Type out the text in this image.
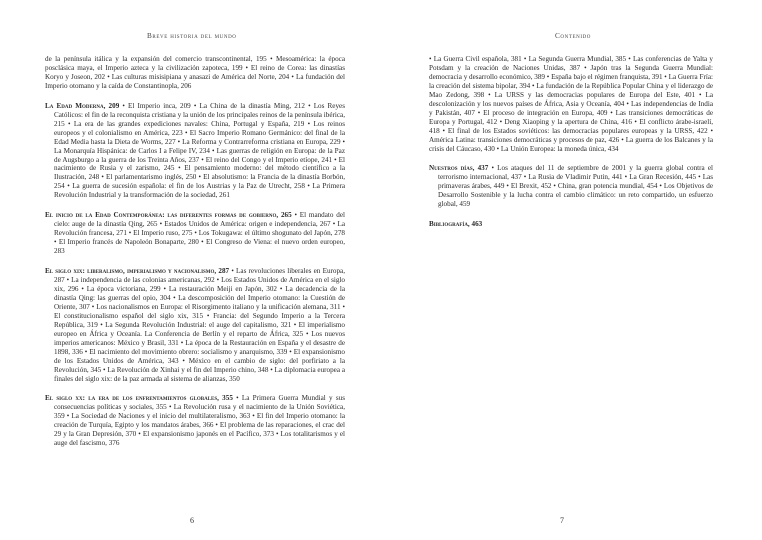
Breve historia del mundo

de la península itálica y la expansión del comercio transcontinental, 195 • Mesoamérica: la época posclásica maya, el Imperio azteca y la civilización zapoteca, 199 • El reino de Corea: las dinastías Koryo y Joseon, 202 • Las culturas misisipiana y anasazi de América del Norte, 204 • La fundación del Imperio otomano y la caída de Constantinopla, 206

La Edad Moderna, 209 • El Imperio inca, 209 • La China de la dinastía Ming, 212 • Los Reyes Católicos: el fin de la reconquista cristiana y la unión de los principales reinos de la península ibérica, 215 • La era de las grandes expediciones navales: China, Portugal y España, 219 • Los reinos europeos y el colonialismo en América, 223 • El Sacro Imperio Romano Germánico: del final de la Edad Media hasta la Dieta de Worms, 227 • La Reforma y Contrarreforma cristiana en Europa, 229 • La Monarquía Hispánica: de Carlos I a Felipe IV, 234 • Las guerras de religión en Europa: de la Paz de Augsburgo a la guerra de los Treinta Años, 237 • El reino del Congo y el Imperio etíope, 241 • El nacimiento de Rusia y el zarismo, 245 • El pensamiento moderno: del método científico a la Ilustración, 248 • El parlamentarismo inglés, 250 • El absolutismo: la Francia de la dinastía Borbón, 254 • La guerra de sucesión española: el fin de los Austrias y la Paz de Utrecht, 258 • La Primera Revolución Industrial y la transformación de la sociedad, 261

El inicio de la Edad Contemporánea: las diferentes formas de gobierno, 265 • El mandato del cielo: auge de la dinastía Qing, 265 • Estados Unidos de América: origen e independencia, 267 • La Revolución francesa, 271 • El Imperio ruso, 275 • Los Tokugawa: el último shogunato del Japón, 278 • El Imperio francés de Napoleón Bonaparte, 280 • El Congreso de Viena: el nuevo orden europeo, 283

El siglo xix: liberalismo, imperialismo y nacionalismo, 287 • Las revoluciones liberales en Europa, 287 • La independencia de las colonias americanas, 292 • Los Estados Unidos de América en el siglo xix, 296 • La época victoriana, 299 • La restauración Meiji en Japón, 302 • La decadencia de la dinastía Qing: las guerras del opio, 304 • La descomposición del Imperio otomano: la Cuestión de Oriente, 307 • Los nacionalismos en Europa: el Risorgimento italiano y la unificación alemana, 311 • El constitucionalismo español del siglo xix, 315 • Francia: del Segundo Imperio a la Tercera República, 319 • La Segunda Revolución Industrial: el auge del capitalismo, 321 • El imperialismo europeo en África y Oceanía. La Conferencia de Berlín y el reparto de África, 325 • Los nuevos imperios americanos: México y Brasil, 331 • La época de la Restauración en España y el desastre de 1898, 336 • El nacimiento del movimiento obrero: socialismo y anarquismo, 339 • El expansionismo de los Estados Unidos de América, 343 • México en el cambio de siglo: del porfiriato a la Revolución, 345 • La Revolución de Xinhai y el fin del Imperio chino, 348 • La diplomacia europea a finales del siglo xix: de la paz armada al sistema de alianzas, 350

El siglo xx: la era de los enfrentamientos globales, 355 • La Primera Guerra Mundial y sus consecuencias políticas y sociales, 355 • La Revolución rusa y el nacimiento de la Unión Soviética, 359 • La Sociedad de Naciones y el inicio del multilateralismo, 363 • El fin del Imperio otomano: la creación de Turquía, Egipto y los mandatos árabes, 366 • El problema de las reparaciones, el crac del 29 y la Gran Depresión, 370 • El expansionismo japonés en el Pacífico, 373 • Los totalitarismos y el auge del fascismo, 376

6
Contenido

• La Guerra Civil española, 381 • La Segunda Guerra Mundial, 385 • Las conferencias de Yalta y Potsdam y la creación de Naciones Unidas, 387 • Japón tras la Segunda Guerra Mundial: democracia y desarrollo económico, 389 • España bajo el régimen franquista, 391 • La Guerra Fría: la creación del sistema bipolar, 394 • La fundación de la República Popular China y el liderazgo de Mao Zedong, 398 • La URSS y las democracias populares de Europa del Este, 401 • La descolonización y los nuevos países de África, Asia y Oceanía, 404 • Las independencias de India y Pakistán, 407 • El proceso de integración en Europa, 409 • Las transiciones democráticas de Europa y Portugal, 412 • Deng Xiaoping y la apertura de China, 416 • El conflicto árabe-israelí, 418 • El final de los Estados soviéticos: las democracias populares europeas y la URSS, 422 • América Latina: transiciones democráticas y procesos de paz, 426 • La guerra de los Balcanes y la crisis del Cáucaso, 430 • La Unión Europea: la moneda única, 434

Nuestros días, 437 • Los ataques del 11 de septiembre de 2001 y la guerra global contra el terrorismo internacional, 437 • La Rusia de Vladimir Putin, 441 • La Gran Recesión, 445 • Las primaveras árabes, 449 • El Brexit, 452 • China, gran potencia mundial, 454 • Los Objetivos de Desarrollo Sostenible y la lucha contra el cambio climático: un reto compartido, un esfuerzo global, 459

Bibliografía, 463

7
